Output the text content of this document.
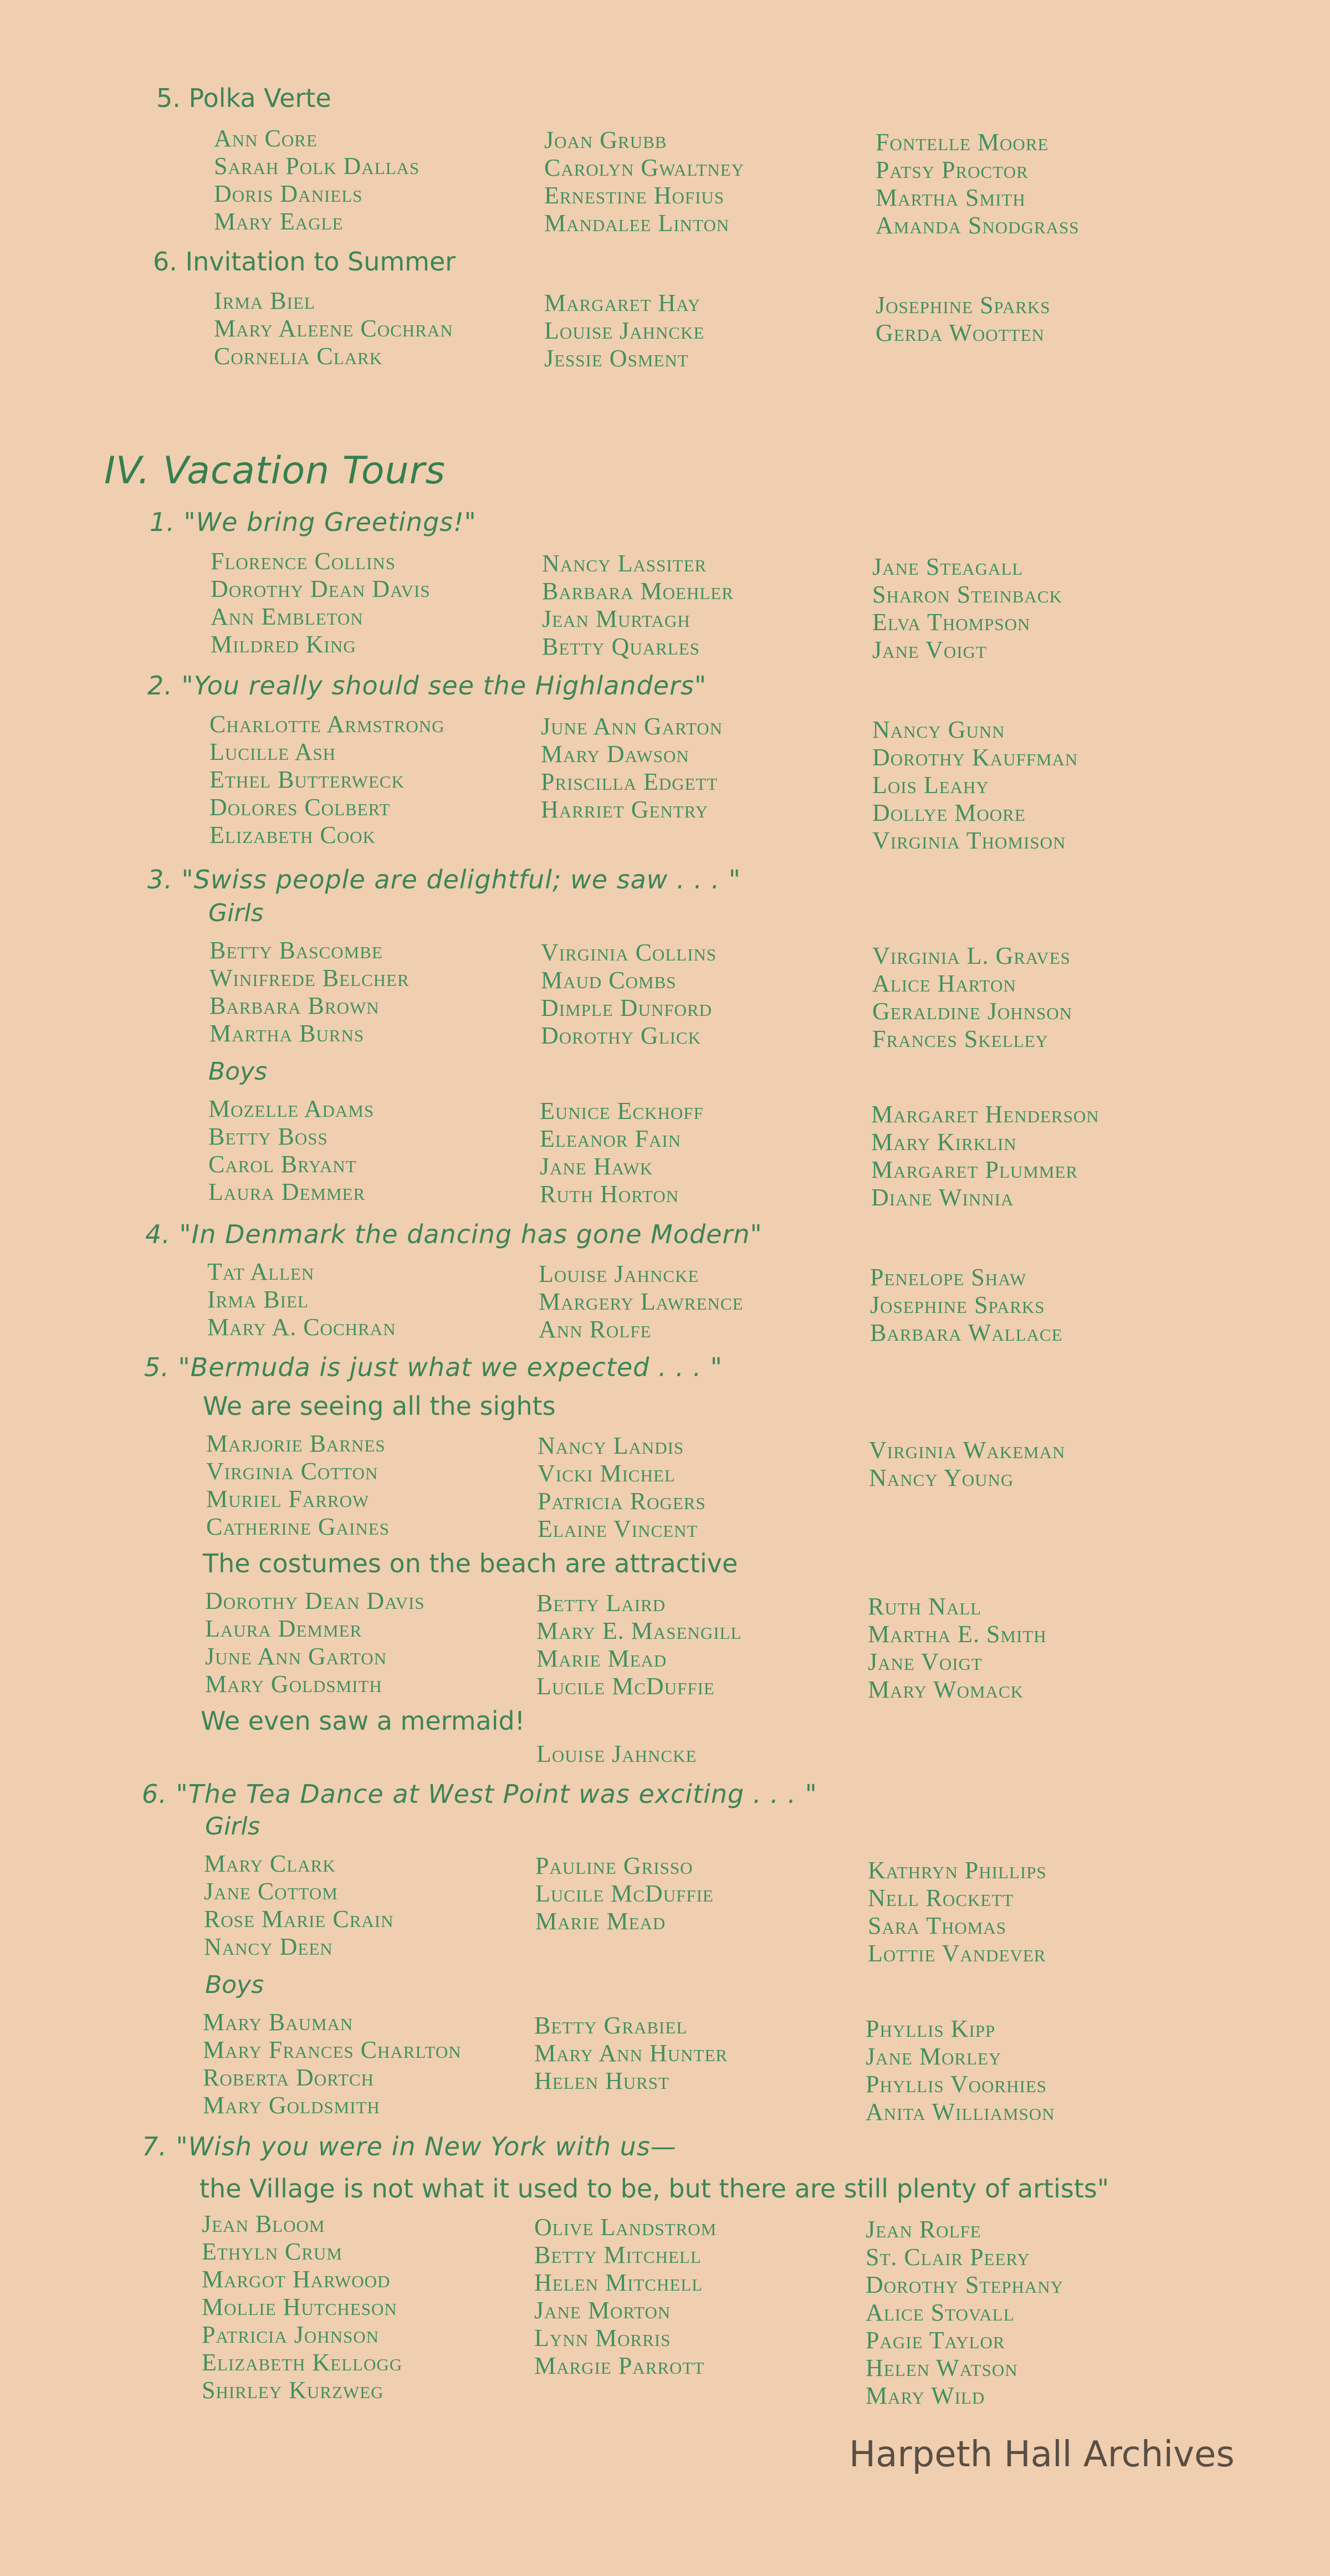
5. Polka Verte
Ann Core
Sarah Polk Dallas
Doris Daniels
Mary Eagle
Joan Grubb
Carolyn Gwaltney
Ernestine Hofius
Mandalee Linton
Fontelle Moore
Patsy Proctor
Martha Smith
Amanda Snodgrass
6. Invitation to Summer
Irma Biel
Mary Aleene Cochran
Cornelia Clark
Margaret Hay
Louise Jahncke
Jessie Osment
Josephine Sparks
Gerda Wootten
IV. Vacation Tours
1. "We bring Greetings!"
Florence Collins
Dorothy Dean Davis
Ann Embleton
Mildred King
Nancy Lassiter
Barbara Moehler
Jean Murtagh
Betty Quarles
Jane Steagall
Sharon Steinback
Elva Thompson
Jane Voigt
2. "You really should see the Highlanders"
Charlotte Armstrong
Lucille Ash
Ethel Butterweck
Dolores Colbert
Elizabeth Cook
June Ann Garton
Mary Dawson
Priscilla Edgett
Harriet Gentry
Nancy Gunn
Dorothy Kauffman
Lois Leahy
Dollye Moore
Virginia Thomison
3. "Swiss people are delightful; we saw . . . "
Girls
Betty Bascombe
Winifrede Belcher
Barbara Brown
Martha Burns
Virginia Collins
Maud Combs
Dimple Dunford
Dorothy Glick
Virginia L. Graves
Alice Harton
Geraldine Johnson
Frances Skelley
Boys
Mozelle Adams
Betty Boss
Carol Bryant
Laura Demmer
Eunice Eckhoff
Eleanor Fain
Jane Hawk
Ruth Horton
Margaret Henderson
Mary Kirklin
Margaret Plummer
Diane Winnia
4. "In Denmark the dancing has gone Modern"
Tat Allen
Irma Biel
Mary A. Cochran
Louise Jahncke
Margery Lawrence
Ann Rolfe
Penelope Shaw
Josephine Sparks
Barbara Wallace
5. "Bermuda is just what we expected . . . "
We are seeing all the sights
Marjorie Barnes
Virginia Cotton
Muriel Farrow
Catherine Gaines
Nancy Landis
Vicki Michel
Patricia Rogers
Elaine Vincent
Virginia Wakeman
Nancy Young
The costumes on the beach are attractive
Dorothy Dean Davis
Laura Demmer
June Ann Garton
Mary Goldsmith
Betty Laird
Mary E. Masengill
Marie Mead
Lucile McDuffie
Ruth Nall
Martha E. Smith
Jane Voigt
Mary Womack
We even saw a mermaid!
Louise Jahncke
6. "The Tea Dance at West Point was exciting . . . "
Girls
Mary Clark
Jane Cottom
Rose Marie Crain
Nancy Deen
Pauline Grisso
Lucile McDuffie
Marie Mead
Kathryn Phillips
Nell Rockett
Sara Thomas
Lottie Vandever
Boys
Mary Bauman
Mary Frances Charlton
Roberta Dortch
Mary Goldsmith
Betty Grabiel
Mary Ann Hunter
Helen Hurst
Phyllis Kipp
Jane Morley
Phyllis Voorhies
Anita Williamson
7. "Wish you were in New York with us—
the Village is not what it used to be, but there are still plenty of artists"
Jean Bloom
Ethyln Crum
Margot Harwood
Mollie Hutcheson
Patricia Johnson
Elizabeth Kellogg
Shirley Kurzweg
Olive Landstrom
Betty Mitchell
Helen Mitchell
Jane Morton
Lynn Morris
Margie Parrott
Jean Rolfe
St. Clair Peery
Dorothy Stephany
Alice Stovall
Pagie Taylor
Helen Watson
Mary Wild
Harpeth Hall Archives
